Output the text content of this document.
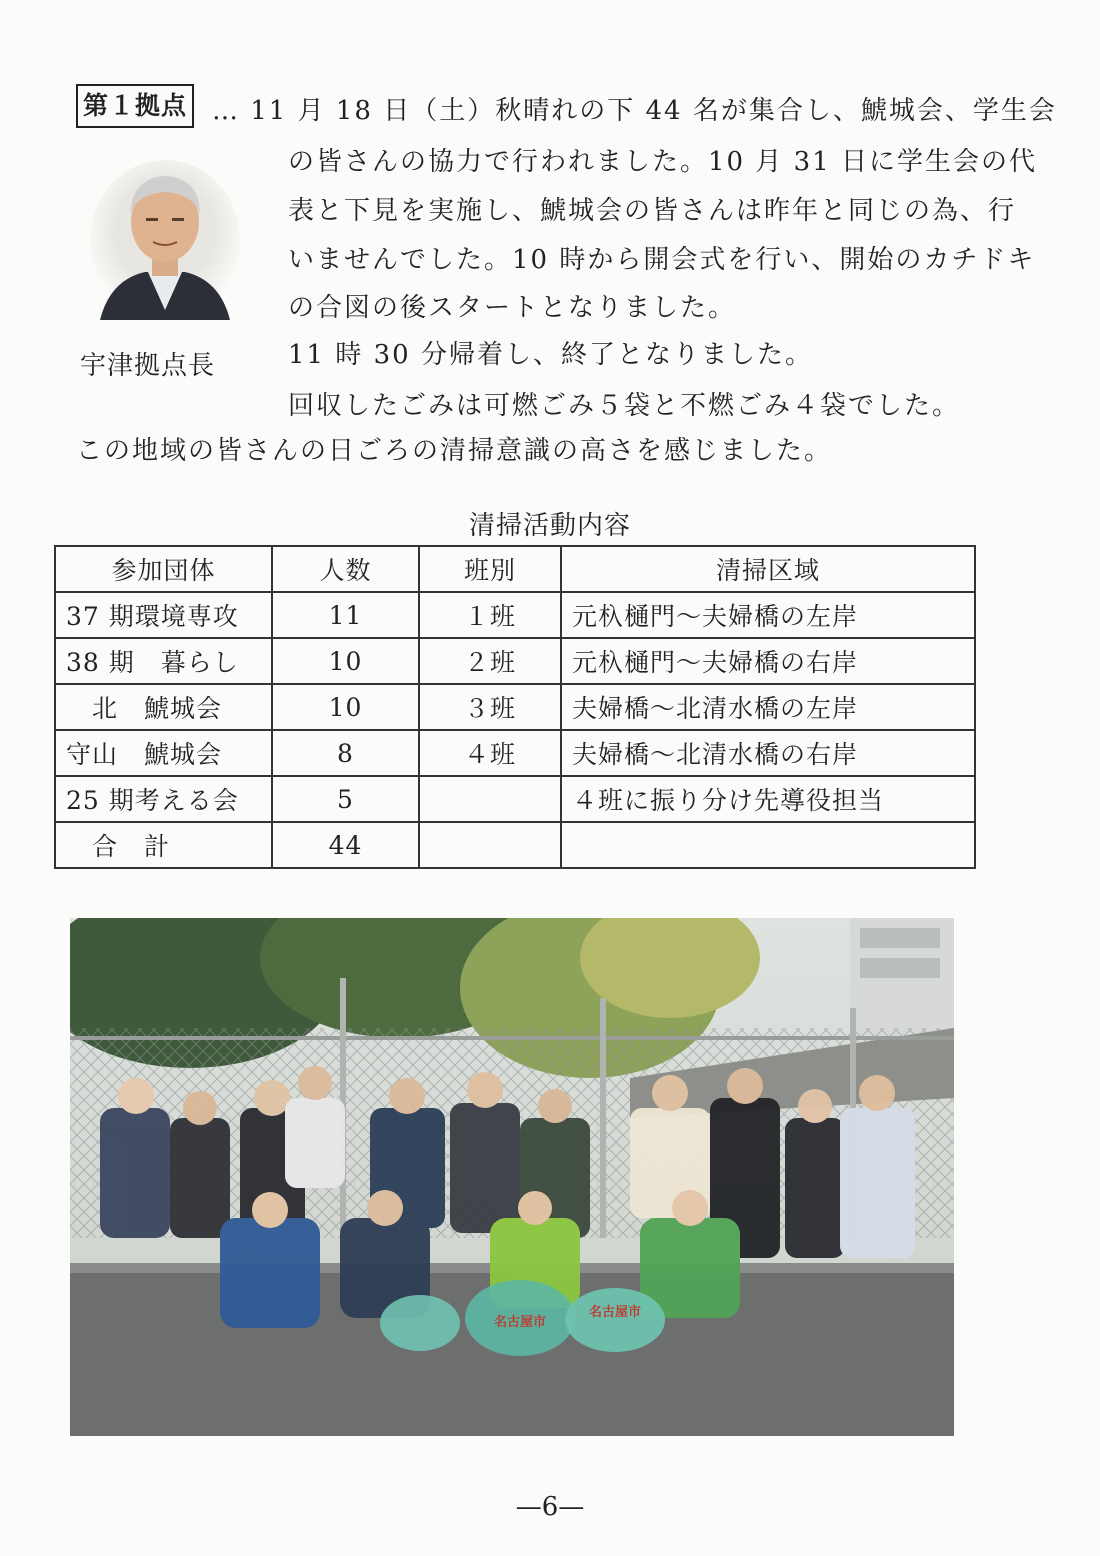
第１拠点 … 11 月 18 日（土）秋晴れの下 44 名が集合し、鯱城会、学生会
の皆さんの協力で行われました。10 月 31 日に学生会の代
表と下見を実施し、鯱城会の皆さんは昨年と同じの為、行
いませんでした。10 時から開会式を行い、開始のカチドキ
の合図の後スタートとなりました。
11 時 30 分帰着し、終了となりました。
回収したごみは可燃ごみ５袋と不燃ごみ４袋でした。
この地域の皆さんの日ごろの清掃意識の高さを感じました。
宇津拠点長
清掃活動内容
参加団体	人数	班別	清掃区域
37 期環境専攻	11	１班	元杁樋門～夫婦橋の左岸
38 期　暮らし	10	２班	元杁樋門～夫婦橋の右岸
　北　鯱城会	10	３班	夫婦橋～北清水橋の左岸
守山　鯱城会	8	４班	夫婦橋～北清水橋の右岸
25 期考える会	5		４班に振り分け先導役担当
　合　計	44		
名古屋市
名古屋市
—6—
